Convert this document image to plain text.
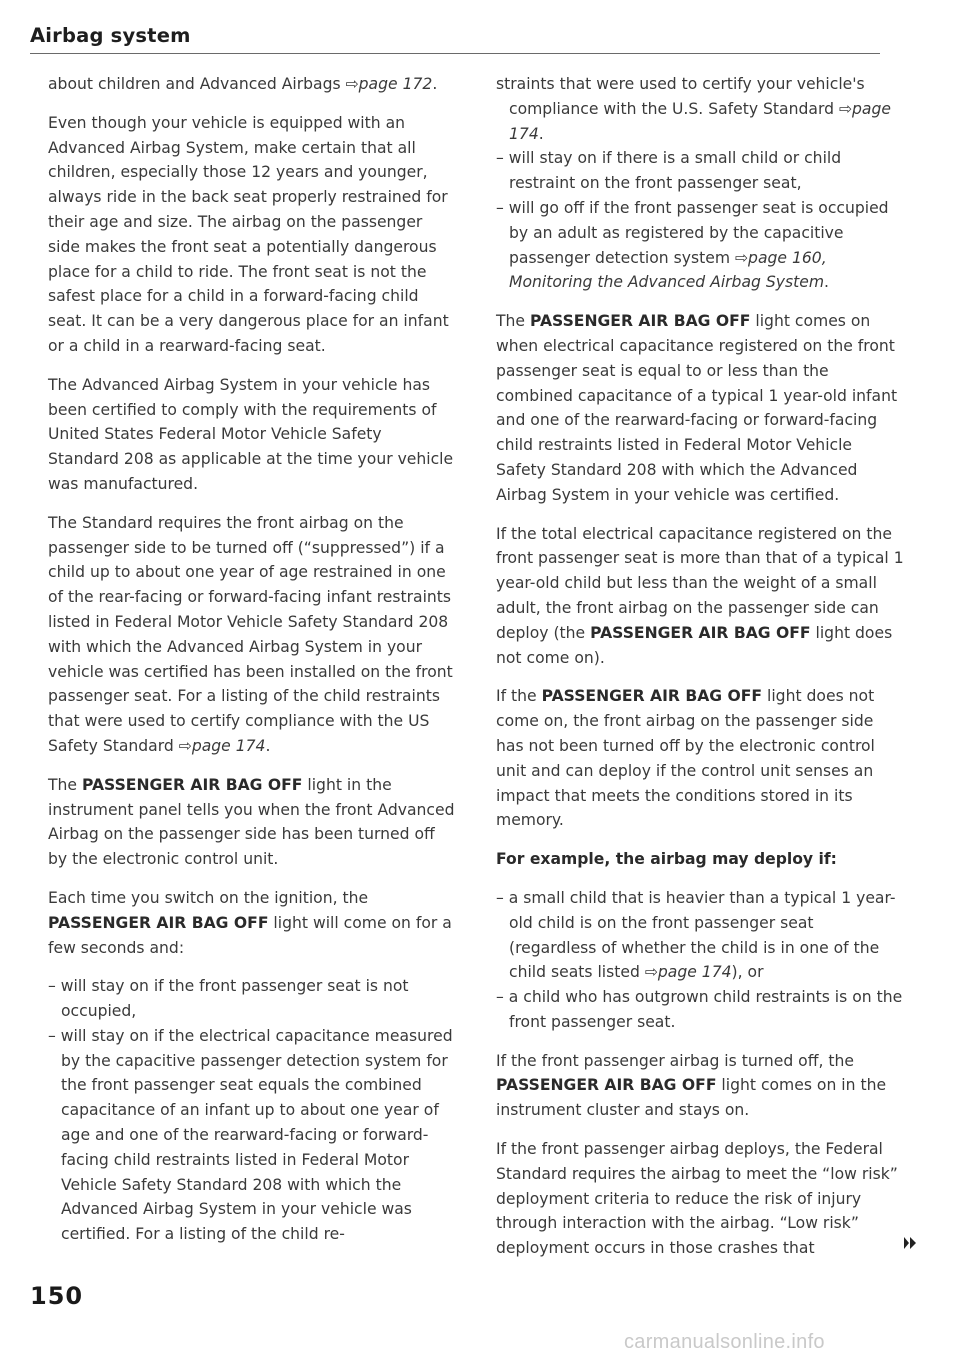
Airbag system

about children and Advanced Airbags ⇨page 172.

Even though your vehicle is equipped with an Advanced Airbag System, make certain that all children, especially those 12 years and younger, always ride in the back seat properly restrained for their age and size. The airbag on the passenger side makes the front seat a potentially dangerous place for a child to ride. The front seat is not the safest place for a child in a forward-facing child seat. It can be a very dangerous place for an infant or a child in a rearward-facing seat.

The Advanced Airbag System in your vehicle has been certified to comply with the requirements of United States Federal Motor Vehicle Safety Standard 208 as applicable at the time your vehicle was manufactured.

The Standard requires the front airbag on the passenger side to be turned off (“suppressed”) if a child up to about one year of age restrained in one of the rear-facing or forward-facing infant restraints listed in Federal Motor Vehicle Safety Standard 208 with which the Advanced Airbag System in your vehicle was certified has been installed on the front passenger seat. For a listing of the child restraints that were used to certify compliance with the US Safety Standard ⇨page 174.

The PASSENGER AIR BAG OFF light in the instrument panel tells you when the front Advanced Airbag on the passenger side has been turned off by the electronic control unit.

Each time you switch on the ignition, the PASSENGER AIR BAG OFF light will come on for a few seconds and:

– will stay on if the front passenger seat is not occupied,

– will stay on if the electrical capacitance measured by the capacitive passenger detection system for the front passenger seat equals the combined capacitance of an infant up to about one year of age and one of the rearward-facing or forward-facing child restraints listed in Federal Motor Vehicle Safety Standard 208 with which the Advanced Airbag System in your vehicle was certified. For a listing of the child re-

straints that were used to certify your vehicle's compliance with the U.S. Safety Standard ⇨page 174.

– will stay on if there is a small child or child restraint on the front passenger seat,

– will go off if the front passenger seat is occupied by an adult as registered by the capacitive passenger detection system ⇨page 160, Monitoring the Advanced Airbag System.

The PASSENGER AIR BAG OFF light comes on when electrical capacitance registered on the front passenger seat is equal to or less than the combined capacitance of a typical 1 year-old infant and one of the rearward-facing or forward-facing child restraints listed in Federal Motor Vehicle Safety Standard 208 with which the Advanced Airbag System in your vehicle was certified.

If the total electrical capacitance registered on the front passenger seat is more than that of a typical 1 year-old child but less than the weight of a small adult, the front airbag on the passenger side can deploy (the PASSENGER AIR BAG OFF light does not come on).

If the PASSENGER AIR BAG OFF light does not come on, the front airbag on the passenger side has not been turned off by the electronic control unit and can deploy if the control unit senses an impact that meets the conditions stored in its memory.

For example, the airbag may deploy if:

– a small child that is heavier than a typical 1 year-old child is on the front passenger seat (regardless of whether the child is in one of the child seats listed ⇨page 174), or

– a child who has outgrown child restraints is on the front passenger seat.

If the front passenger airbag is turned off, the PASSENGER AIR BAG OFF light comes on in the instrument cluster and stays on.

If the front passenger airbag deploys, the Federal Standard requires the airbag to meet the “low risk” deployment criteria to reduce the risk of injury through interaction with the airbag. “Low risk” deployment occurs in those crashes that

150
carmanualsonline.info
